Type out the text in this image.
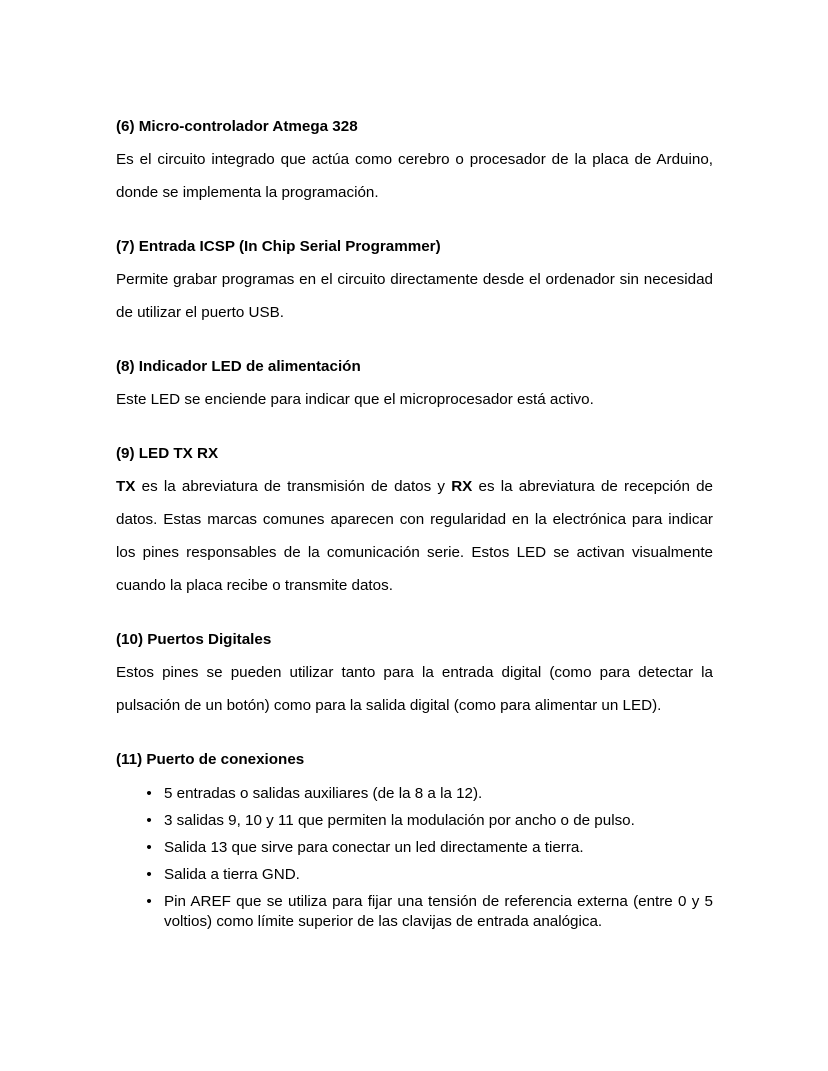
(6) Micro-controlador Atmega 328

Es el circuito integrado que actúa como cerebro o procesador de la placa de Arduino, donde se implementa la programación.

(7) Entrada ICSP (In Chip Serial Programmer)

Permite grabar programas en el circuito directamente desde el ordenador sin necesidad de utilizar el puerto USB.

(8) Indicador LED de alimentación

Este LED se enciende para indicar que el microprocesador está activo.

(9) LED TX RX

TX es la abreviatura de transmisión de datos y RX es la abreviatura de recepción de datos. Estas marcas comunes aparecen con regularidad en la electrónica para indicar los pines responsables de la comunicación serie. Estos LED se activan visualmente cuando la placa recibe o transmite datos.

(10) Puertos Digitales

Estos pines se pueden utilizar tanto para la entrada digital (como para detectar la pulsación de un botón) como para la salida digital (como para alimentar un LED).

(11) Puerto de conexiones

• 5 entradas o salidas auxiliares (de la 8 a la 12).
• 3 salidas 9, 10 y 11 que permiten la modulación por ancho o de pulso.
• Salida 13 que sirve para conectar un led directamente a tierra.
• Salida a tierra GND.
• Pin AREF que se utiliza para fijar una tensión de referencia externa (entre 0 y 5 voltios) como límite superior de las clavijas de entrada analógica.
